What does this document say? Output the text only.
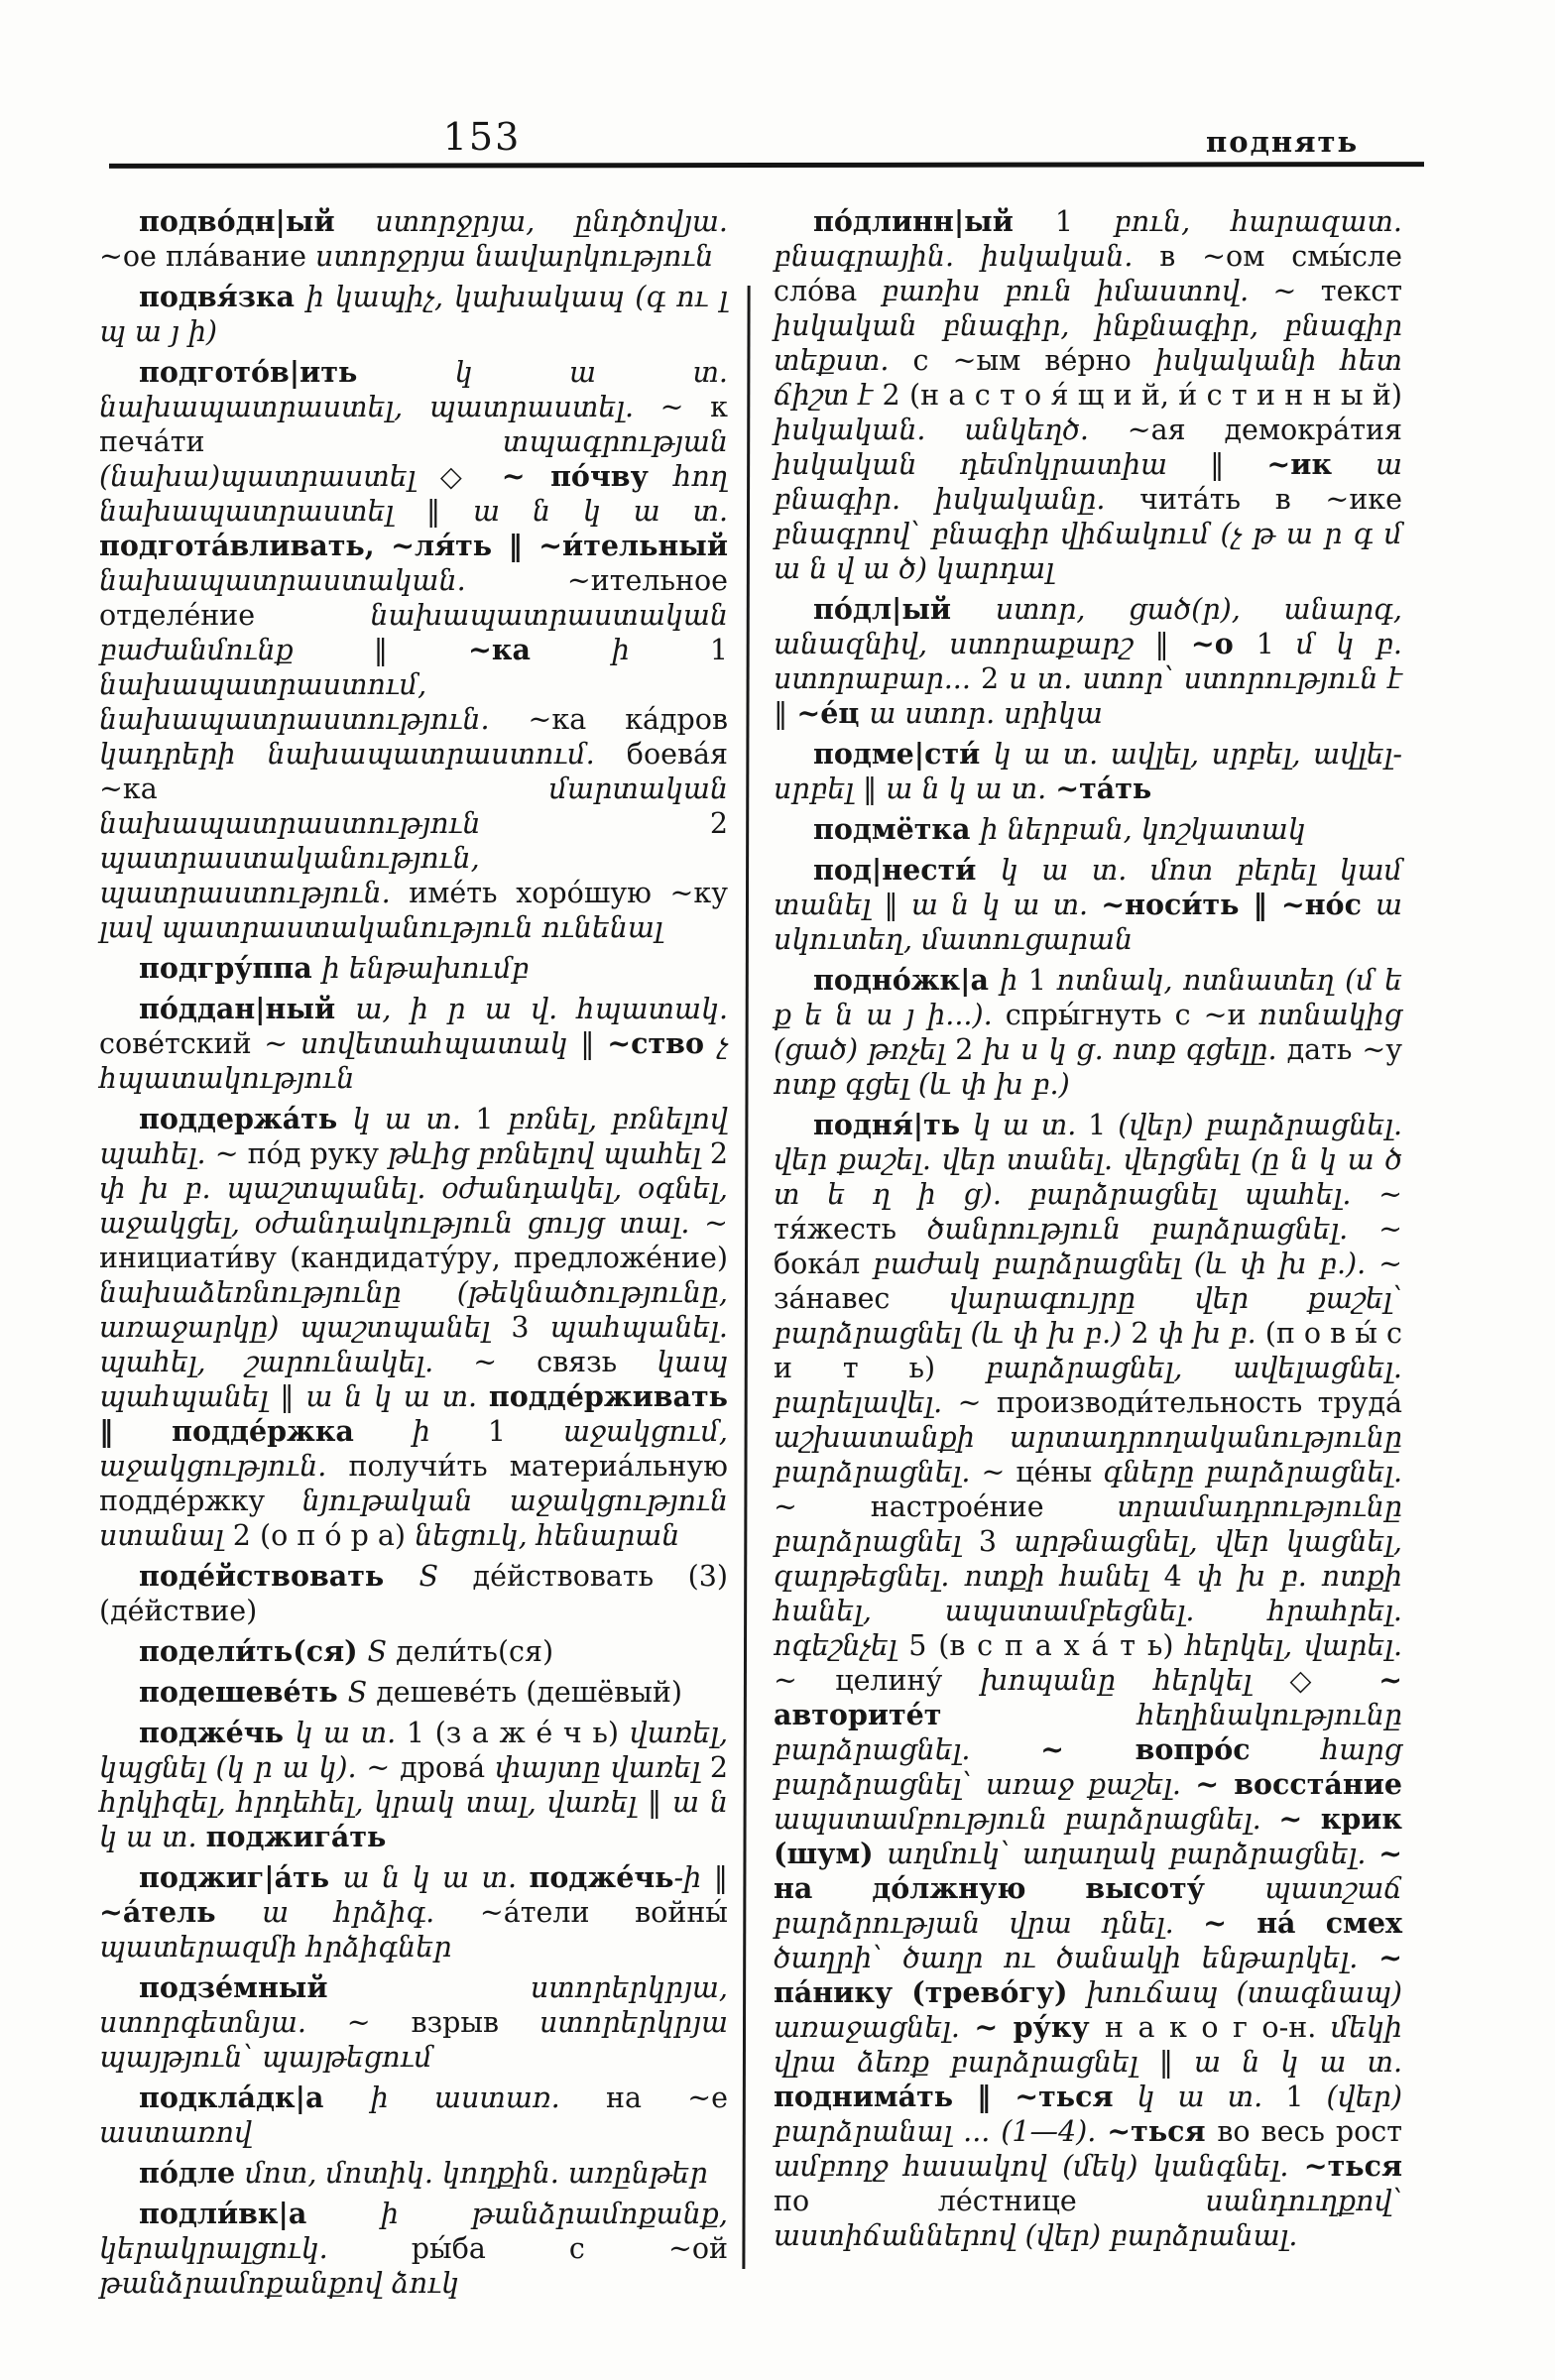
153	поднять

подво́дн|ый ստորջրյա, ընդծովյա. ~ое пла́вание ստորջրյա նավարկություն

подвя́зка ի կապիչ, կախակապ (գ ու լ պ ա յ ի)

подгото́в|ить կ ա տ. նախապատրաստել, պատրաստել. ~ к печа́ти տպագրության (նախա)պատրաստել ◇ ~ по́чву հող նախապատրաստել ‖ ա ն կ ա տ. подгота́вливать, ~ля́ть ‖ ~и́тельный նախապատրաստական. ~ительное отделе́ние նախապատրաստական բաժանմունք ‖ ~ка ի 1 նախապատրաստում, նախապատրաստություն. ~ка ка́дров կադրերի նախապատրաստում. боева́я ~ка մարտական նախապատրաստություն 2 պատրաստականություն, պատրաստություն. име́ть хоро́шую ~ку լավ պատրաստականություն ունենալ

подгру́ппа ի ենթախումբ

по́ддан|ный ա, ի ր ա վ. հպատակ. сове́тский ~ սովետահպատակ ‖ ~ство չ հպատակություն

поддержа́ть կ ա տ. 1 բռնել, բռնելով պահել. ~ по́д руку թևից բռնելով պահել 2 փ խ բ. պաշտպանել. օժանդակել, օգնել, աջակցել, օժանդակություն ցույց տալ. ~ инициати́ву (кандидату́ру, предложе́ние) նախաձեռնությունը (թեկնածությունը, առաջարկը) պաշտպանել 3 պահպանել. պահել, շարունակել. ~ связь կապ պահպանել ‖ ա ն կ ա տ. подде́рживать ‖ подде́ржка ի 1 աջակցում, աջակցություն. получи́ть материа́льную подде́ржку նյութական աջակցություն ստանալ 2 (о п о́ р а) նեցուկ, հենարան

поде́йствовать S де́йствовать (3) (де́йствие)

подели́ть(ся) S дели́ть(ся)

подешеве́ть S дешеве́ть (дешёвый)

подже́чь կ ա տ. 1 (з а ж е́ ч ь) վառել, կպցնել (կ ր ա կ). ~ дрова́ փայտը վառել 2 հրկիզել, հրդեհել, կրակ տալ, վառել ‖ ա ն կ ա տ. поджига́ть

поджиг|а́ть ա ն կ ա տ. подже́чь-ի ‖ ~а́тель ա հրձիգ. ~а́тели войны́ պատերազմի հրձիգներ

подзе́мный ստորերկրյա, ստորգետնյա. ~ взрыв ստորերկրյա պայթյուն՝ պայթեցում

подкла́дк|а ի աստառ. на ~е աստառով

по́дле մոտ, մոտիկ. կողքին. առընթեր

подли́вк|а ի թանձրամոքանք, կերակրալցուկ. ры́ба с ~ой թանձրամոքանքով ձուկ

по́длинн|ый 1 բուն, հարազատ. բնագրային. իսկական. в ~ом смы́сле сло́ва բառիս բուն իմաստով. ~ текст իսկական բնագիր, ինքնագիր, բնագիր տեքստ. с ~ым ве́рно իսկականի հետ ճիշտ է 2 (н а с т о я́ щ и й, и́ с т и н н ы й) իսկական. անկեղծ. ~ая демокра́тия իսկական դեմոկրատիա ‖ ~ик ա բնագիր. իսկականը. чита́ть в ~ике բնագրով՝ բնագիր վիճակում (չ թ ա ր գ մ ա ն վ ա ծ) կարդալ

по́дл|ый ստոր, ցած(ր), անարգ, անազնիվ, ստորաքարշ ‖ ~о 1 մ կ բ. ստորաբար... 2 ս տ. ստոր՝ ստորություն է ‖ ~е́ц ա ստոր. սրիկա

подме|сти́ կ ա տ. ավլել, սրբել, ավլել-սրբել ‖ ա ն կ ա տ. ~та́ть

подмётка ի ներբան, կոշկատակ

под|нести́ կ ա տ. մոտ բերել կամ տանել ‖ ա ն կ ա տ. ~носи́ть ‖ ~но́с ա սկուտեղ, մատուցարան

подно́жк|а ի 1 ոտնակ, ոտնատեղ (մ ե ք ե ն ա յ ի...). спры́гнуть с ~и ոտնակից (ցած) թռչել 2 խ ս կ ց. ոտք գցելը. дать ~у ոտք գցել (և փ խ բ.)

подня́|ть կ ա տ. 1 (վեր) բարձրացնել. վեր քաշել. վեր տանել. վերցնել (ը ն կ ա ծ տ ե ղ ի ց). բարձրացնել պահել. ~ тя́жесть ծանրություն բարձրացնել. ~ бока́л բաժակ բարձրացնել (և փ խ բ.). ~ за́навес վարագույրը վեր քաշել՝ բարձրացնել (և փ խ բ.) 2 փ խ բ. (п о в ы́ с и т ь) բարձրացնել, ավելացնել. բարելավել. ~ производи́тельность труда́ աշխատանքի արտադրողականությունը բարձրացնել. ~ це́ны գները բարձրացնել. ~ настрое́ние տրամադրությունը բարձրացնել 3 արթնացնել, վեր կացնել, զարթեցնել. ոտքի հանել 4 փ խ բ. ոտքի հանել, ապստամբեցնել. հրահրել. ոգեշնչել 5 (в с п а х а́ т ь) հերկել, վարել. ~ целину́ խոպանը հերկել ◇ ~ авторите́т հեղինակությունը բարձրացնել. ~ вопро́с հարց բարձրացնել՝ առաջ քաշել. ~ восста́ние ապստամբություն բարձրացնել. ~ крик (шум) աղմուկ՝ աղաղակ բարձրացնել. ~ на до́лжную высоту́ պատշաճ բարձրության վրա դնել. ~ на́ смех ծաղրի՝ ծաղր ու ծանակի ենթարկել. ~ па́нику (трево́гу) խուճապ (տագնապ) առաջացնել. ~ ру́ку н а к о г о-н. մեկի վրա ձեռք բարձրացնել ‖ ա ն կ ա տ. поднима́ть ‖ ~ться կ ա տ. 1 (վեր) բարձրանալ ... (1—4). ~ться во весь рост ամբողջ հասակով (մեկ) կանգնել. ~ться по ле́стнице սանդուղքով՝ աստիճաններով (վեր) բարձրանալ.
